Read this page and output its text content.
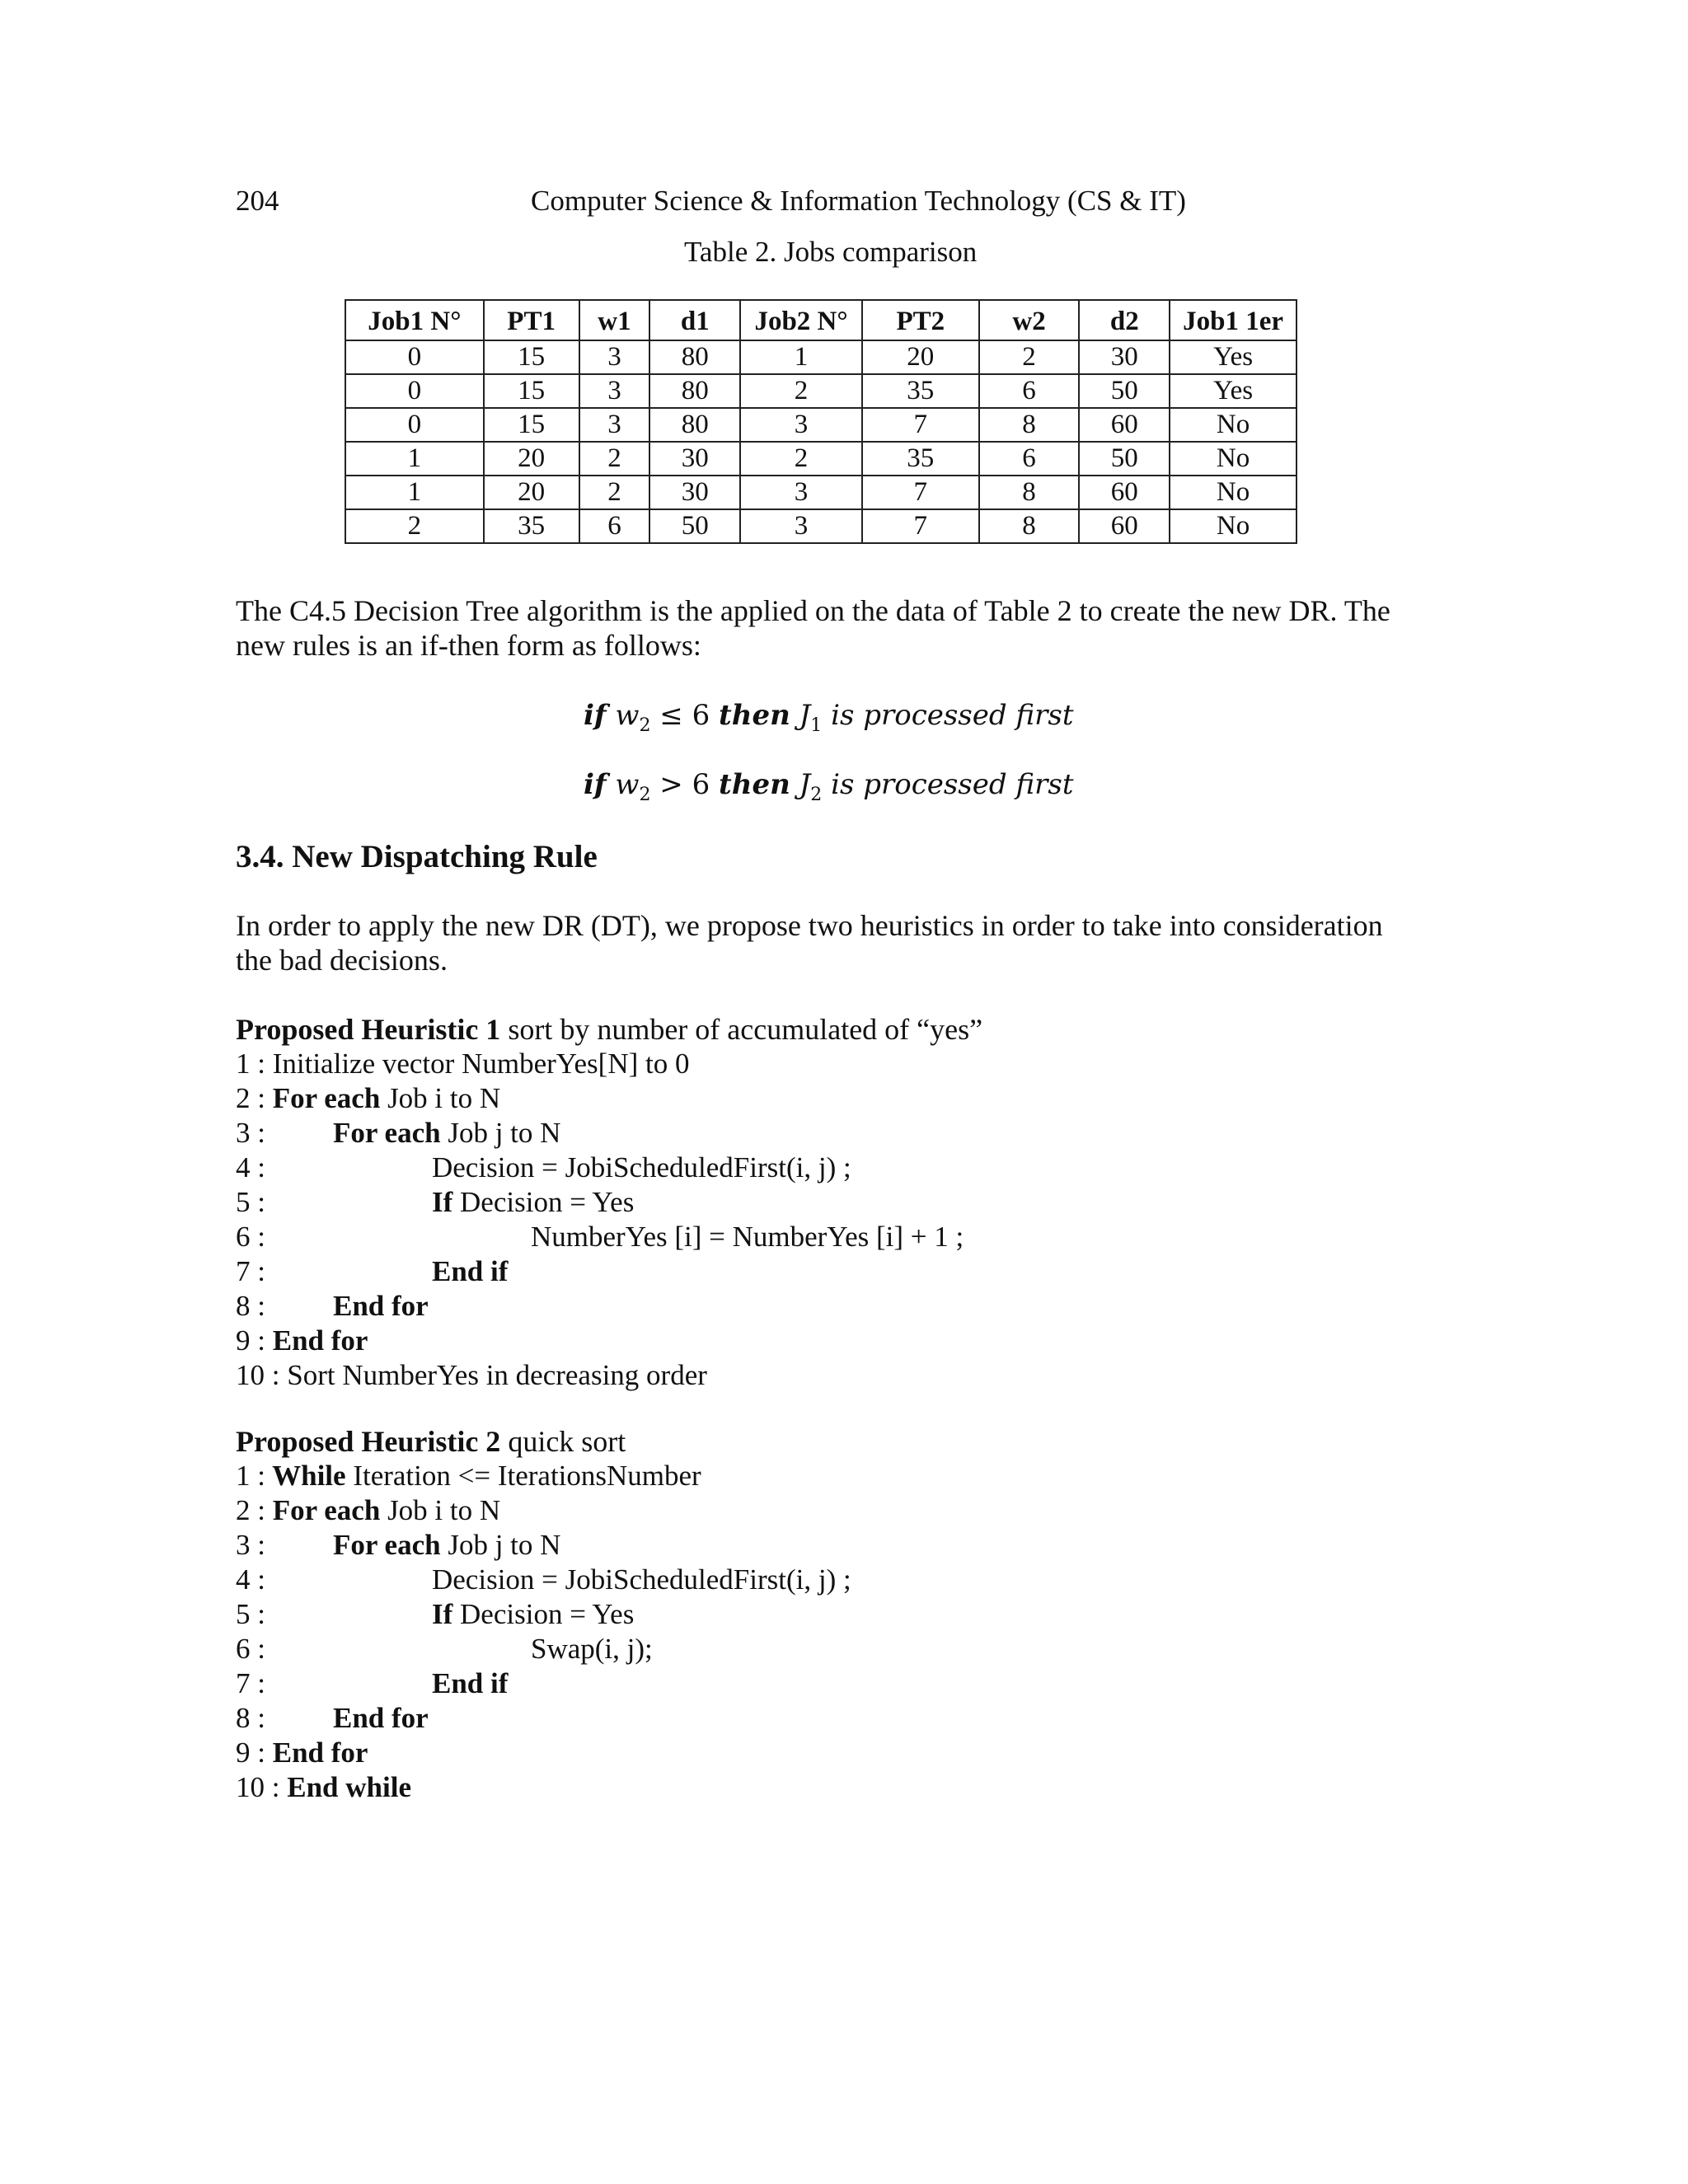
204	Computer Science & Information Technology (CS & IT)
Table 2. Jobs comparison
Job1 N°	PT1	w1	d1	Job2 N°	PT2	w2	d2	Job1 1er
0	15	3	80	1	20	2	30	Yes
0	15	3	80	2	35	6	50	Yes
0	15	3	80	3	7	8	60	No
1	20	2	30	2	35	6	50	No
1	20	2	30	3	7	8	60	No
2	35	6	50	3	7	8	60	No
The C4.5 Decision Tree algorithm is the applied on the data of Table 2 to create the new DR. The
new rules is an if-then form as follows:
if $w_2 \le 6$ then $J_1$ is processed first
if $w_2 > 6$ then $J_2$ is processed first
3.4. New Dispatching Rule
In order to apply the new DR (DT), we propose two heuristics in order to take into consideration
the bad decisions.
Proposed Heuristic 1 sort by number of accumulated of “yes”
1 : Initialize vector NumberYes[N] to 0
2 : For each Job i to N
3 : For each Job j to N
4 :	Decision = JobiScheduledFirst(i, j) ;
5 :	If Decision = Yes
6 :	NumberYes [i] = NumberYes [i] + 1 ;
7 :	End if
8 : End for
9 : End for
10 : Sort NumberYes in decreasing order
Proposed Heuristic 2 quick sort
1 : While Iteration <= IterationsNumber
2 : For each Job i to N
3 : For each Job j to N
4 :	Decision = JobiScheduledFirst(i, j) ;
5 :	If Decision = Yes
6 :	Swap(i, j);
7 :	End if
8 : End for
9 : End for
10 : End while
